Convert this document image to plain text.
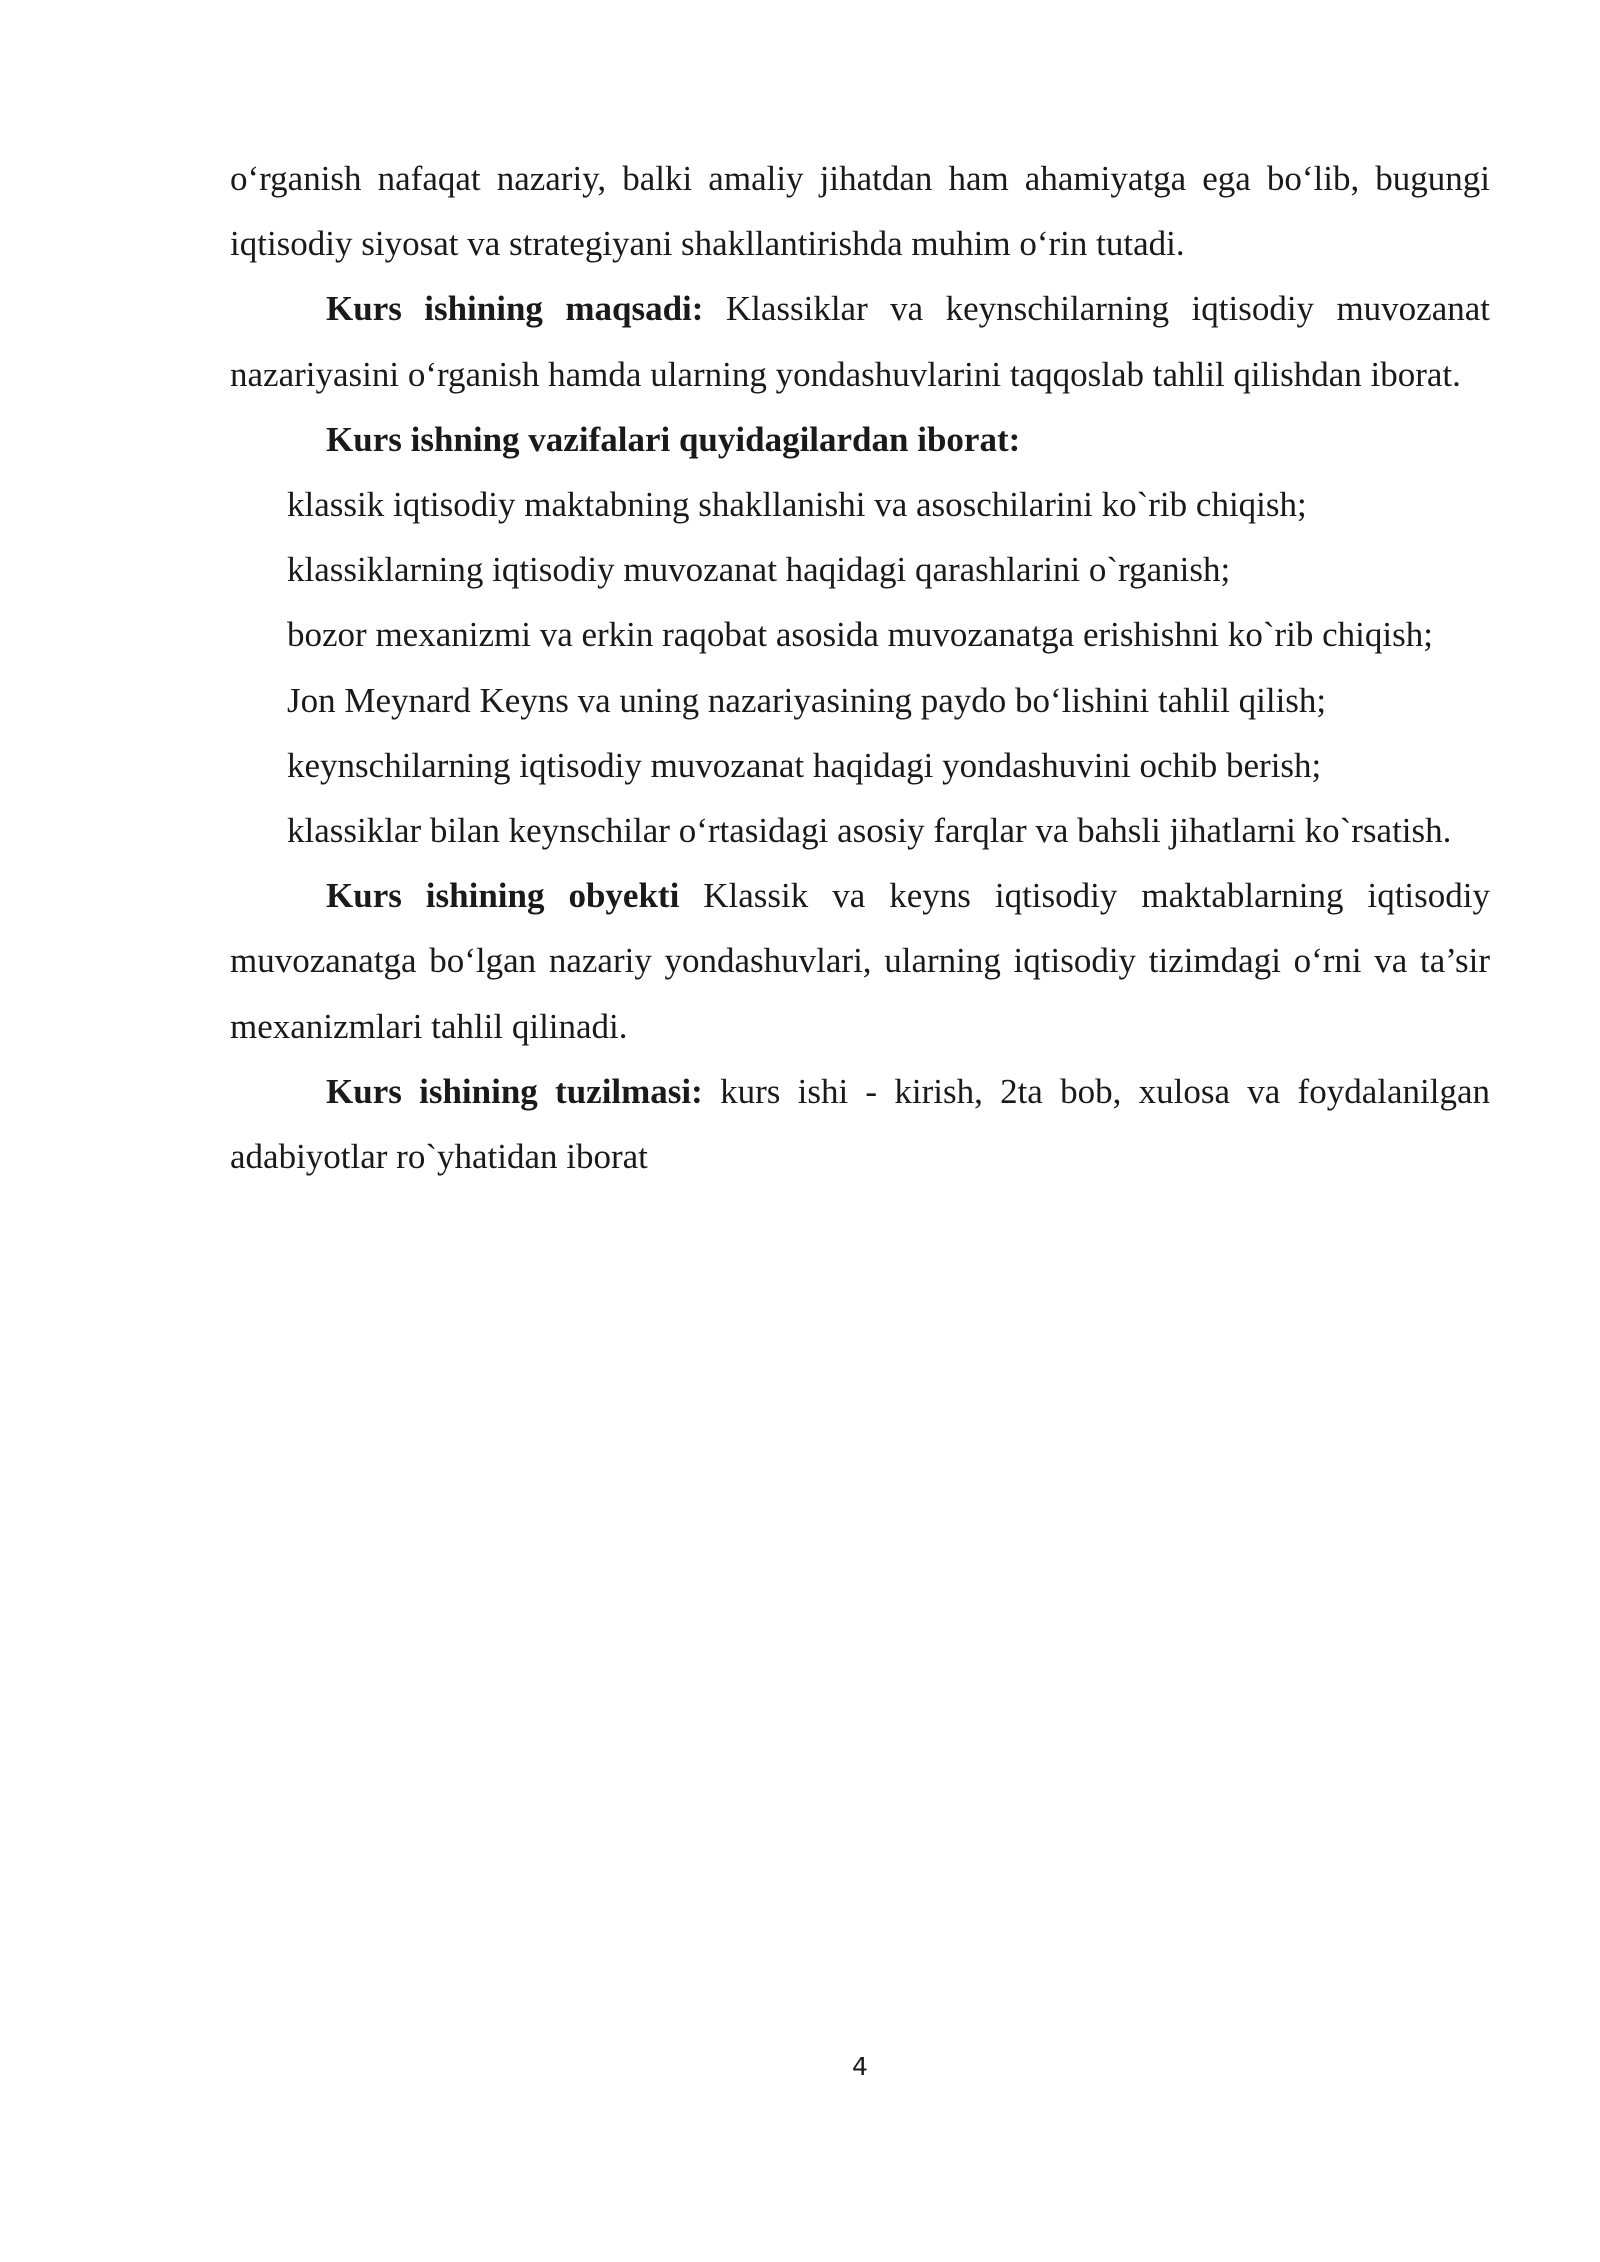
o‘rganish nafaqat nazariy, balki amaliy jihatdan ham ahamiyatga ega bo‘lib, bugungi iqtisodiy siyosat va strategiyani shakllantirishda muhim o‘rin tutadi.

Kurs ishining maqsadi: Klassiklar va keynschilarning iqtisodiy muvozanat nazariyasini o‘rganish hamda ularning yondashuvlarini taqqoslab tahlil qilishdan iborat.

Kurs ishning vazifalari quyidagilardan iborat:

klassik iqtisodiy maktabning shakllanishi va asoschilarini ko`rib chiqish;

klassiklarning iqtisodiy muvozanat haqidagi qarashlarini o`rganish;

bozor mexanizmi va erkin raqobat asosida muvozanatga erishishni ko`rib chiqish;

Jon Meynard Keyns va uning nazariyasining paydo bo‘lishini tahlil qilish;

keynschilarning iqtisodiy muvozanat haqidagi yondashuvini ochib berish;

klassiklar bilan keynschilar o‘rtasidagi asosiy farqlar va bahsli jihatlarni ko`rsatish.

Kurs ishining obyekti Klassik va keyns iqtisodiy maktablarning iqtisodiy muvozanatga bo‘lgan nazariy yondashuvlari, ularning iqtisodiy tizimdagi o‘rni va ta’sir mexanizmlari tahlil qilinadi.

Kurs ishining tuzilmasi: kurs ishi - kirish, 2ta bob, xulosa va foydalanilgan adabiyotlar ro`yhatidan iborat

4
